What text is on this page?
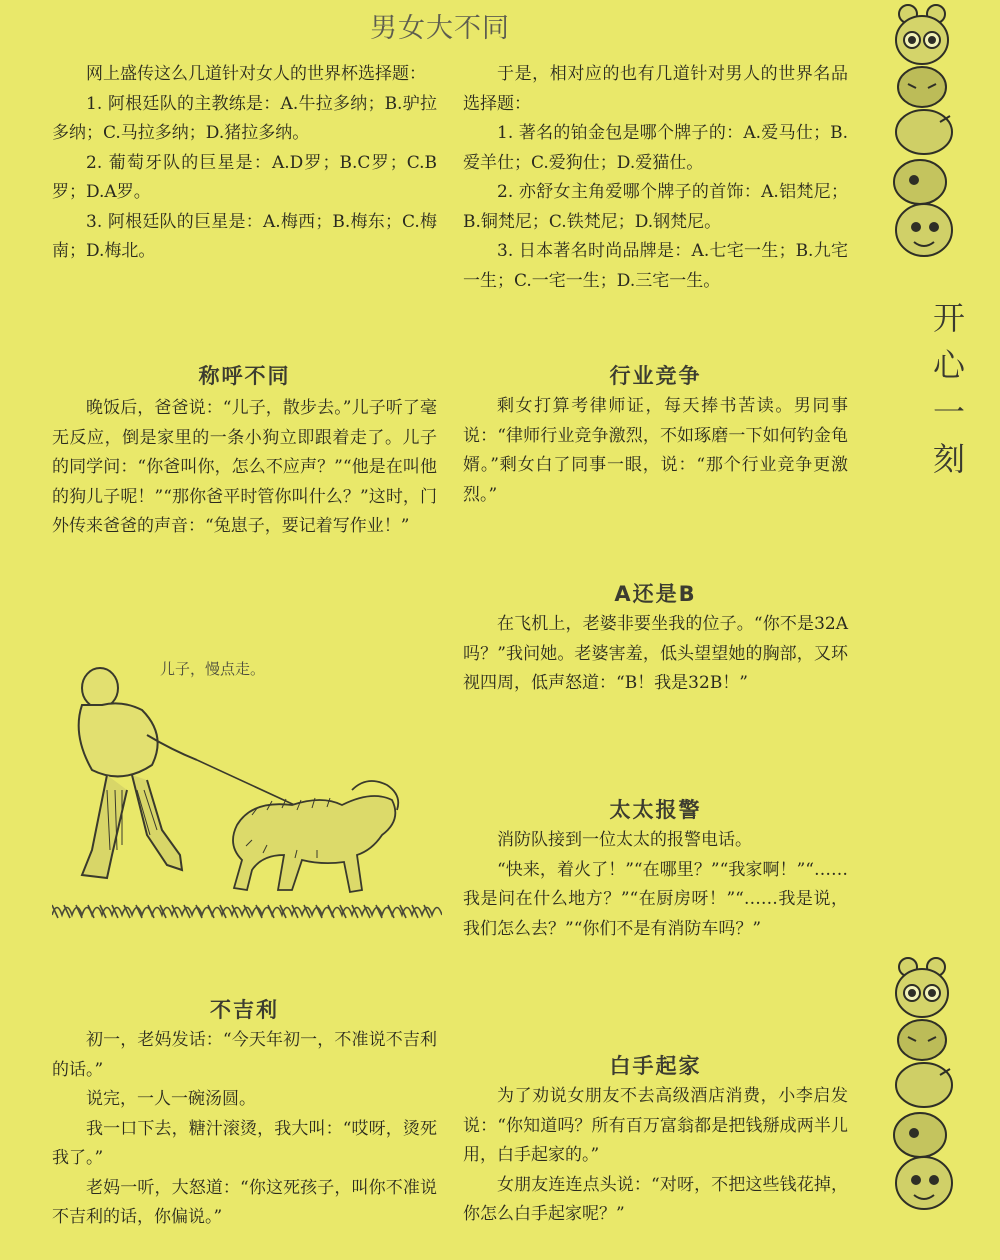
男女大不同

网上盛传这么几道针对女人的世界杯选择题：

1. 阿根廷队的主教练是：A.牛拉多纳；B.驴拉多纳；C.马拉多纳；D.猪拉多纳。

2. 葡萄牙队的巨星是：A.D罗；B.C罗；C.B罗；D.A罗。

3. 阿根廷队的巨星是：A.梅西；B.梅东；C.梅南；D.梅北。

于是，相对应的也有几道针对男人的世界名品选择题：

1. 著名的铂金包是哪个牌子的：A.爱马仕；B.爱羊仕；C.爱狗仕；D.爱猫仕。

2. 亦舒女主角爱哪个牌子的首饰：A.铝梵尼；B.铜梵尼；C.铁梵尼；D.钢梵尼。

3. 日本著名时尚品牌是：A.七宅一生；B.九宅一生；C.一宅一生；D.三宅一生。

称呼不同

晚饭后，爸爸说：“儿子，散步去。”儿子听了毫无反应，倒是家里的一条小狗立即跟着走了。儿子的同学问：“你爸叫你，怎么不应声？”“他是在叫他的狗儿子呢！”“那你爸平时管你叫什么？”这时，门外传来爸爸的声音：“兔崽子，要记着写作业！”

儿子，慢点走。
不吉利

初一，老妈发话：“今天年初一，不准说不吉利的话。”

说完，一人一碗汤圆。

我一口下去，糖汁滚烫，我大叫：“哎呀，烫死我了。”

老妈一听，大怒道：“你这死孩子，叫你不准说不吉利的话，你偏说。”

行业竞争

剩女打算考律师证，每天捧书苦读。男同事说：“律师行业竞争激烈，不如琢磨一下如何钓金龟婿。”剩女白了同事一眼，说：“那个行业竞争更激烈。”

A还是B

在飞机上，老婆非要坐我的位子。“你不是32A吗？”我问她。老婆害羞，低头望望她的胸部，又环视四周，低声怒道：“B！我是32B！”

太太报警

消防队接到一位太太的报警电话。

“快来，着火了！”“在哪里？”“我家啊！”“……我是问在什么地方？”“在厨房呀！”“……我是说，我们怎么去？”“你们不是有消防车吗？”

白手起家

为了劝说女朋友不去高级酒店消费，小李启发说：“你知道吗？所有百万富翁都是把钱掰成两半儿用，白手起家的。”

女朋友连连点头说：“对呀，不把这些钱花掉，你怎么白手起家呢？”

开
心
一
刻
